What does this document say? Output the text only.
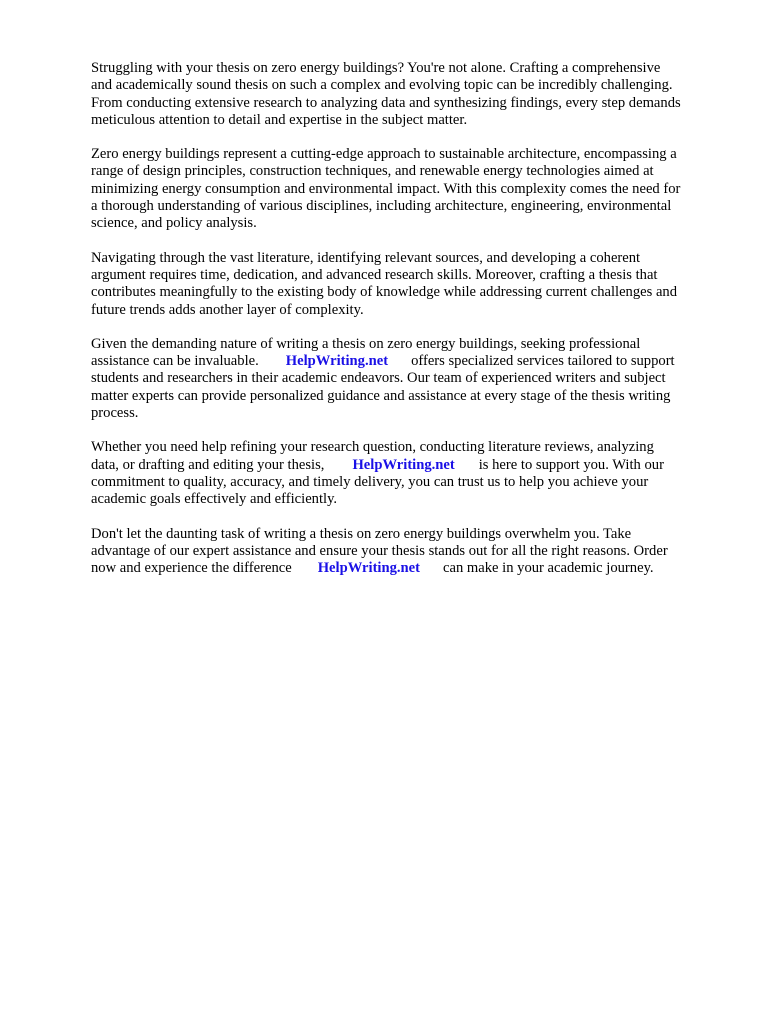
Struggling with your thesis on zero energy buildings? You're not alone. Crafting a comprehensive
and academically sound thesis on such a complex and evolving topic can be incredibly challenging.
From conducting extensive research to analyzing data and synthesizing findings, every step demands
meticulous attention to detail and expertise in the subject matter.

Zero energy buildings represent a cutting-edge approach to sustainable architecture, encompassing a
range of design principles, construction techniques, and renewable energy technologies aimed at
minimizing energy consumption and environmental impact. With this complexity comes the need for
a thorough understanding of various disciplines, including architecture, engineering, environmental
science, and policy analysis.

Navigating through the vast literature, identifying relevant sources, and developing a coherent
argument requires time, dedication, and advanced research skills. Moreover, crafting a thesis that
contributes meaningfully to the existing body of knowledge while addressing current challenges and
future trends adds another layer of complexity.

Given the demanding nature of writing a thesis on zero energy buildings, seeking professional
assistance can be invaluable. HelpWriting.net offers specialized services tailored to support
students and researchers in their academic endeavors. Our team of experienced writers and subject
matter experts can provide personalized guidance and assistance at every stage of the thesis writing
process.

Whether you need help refining your research question, conducting literature reviews, analyzing
data, or drafting and editing your thesis, HelpWriting.net is here to support you. With our
commitment to quality, accuracy, and timely delivery, you can trust us to help you achieve your
academic goals effectively and efficiently.

Don't let the daunting task of writing a thesis on zero energy buildings overwhelm you. Take
advantage of our expert assistance and ensure your thesis stands out for all the right reasons. Order
now and experience the difference HelpWriting.net can make in your academic journey.
